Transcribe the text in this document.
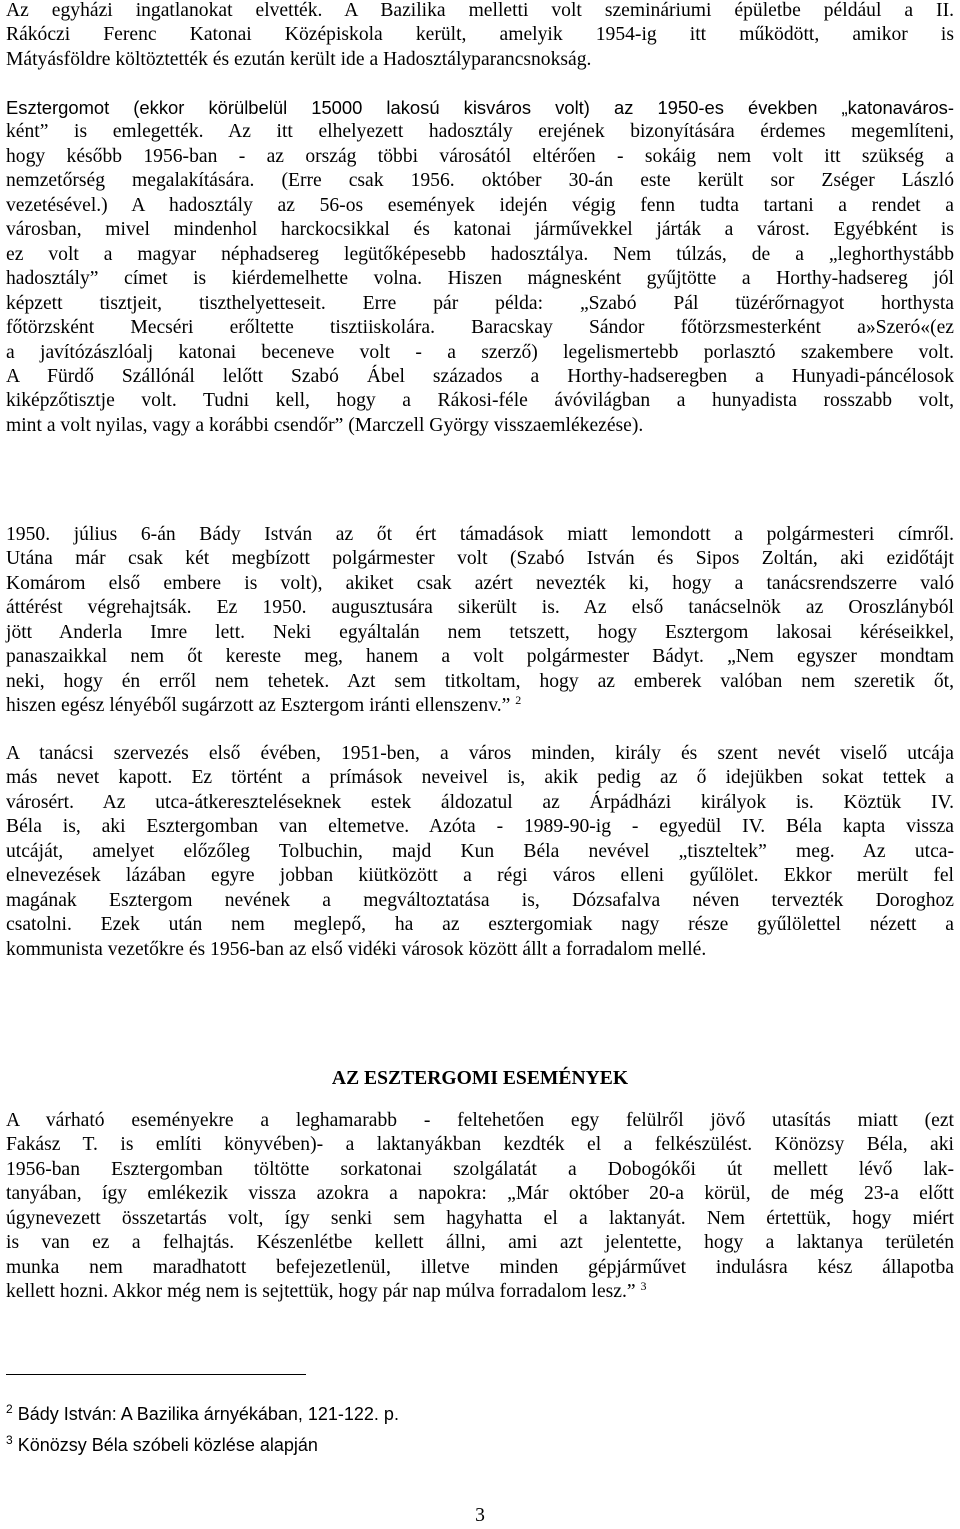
Az egyházi ingatlanokat elvették. A Bazilika melletti volt szemináriumi épületbe például a II.
Rákóczi Ferenc Katonai Középiskola került, amelyik 1954-ig itt működött, amikor is
Mátyásföldre költöztették és ezután került ide a Hadosztályparancsnokság.
Esztergomot (ekkor körülbelül 15000 lakosú kisváros volt) az 1950-es években „katonaváros-
ként” is emlegették. Az itt elhelyezett hadosztály erejének bizonyítására érdemes megemlíteni,
hogy később 1956-ban - az ország többi városától eltérően - sokáig nem volt itt szükség a
nemzetőrség megalakítására. (Erre csak 1956. október 30-án este került sor Zséger László
vezetésével.) A hadosztály az 56-os események idején végig fenn tudta tartani a rendet a
városban, mivel mindenhol harckocsikkal és katonai járművekkel járták a várost. Egyébként is
ez volt a magyar néphadsereg legütőképesebb hadosztálya. Nem túlzás, de a „leghorthystább
hadosztály” címet is kiérdemelhette volna. Hiszen mágnesként gyűjtötte a Horthy-hadsereg jól
képzett tisztjeit, tiszthelyetteseit. Erre pár példa: „Szabó Pál tüzérőrnagyot horthysta
főtörzsként Mecséri erőltette tisztiiskolára. Baracskay Sándor főtörzsmesterként a»Szeró«(ez
a javítózászlóalj katonai beceneve volt - a szerző) legelismertebb porlasztó szakembere volt.
A Fürdő Szállónál lelőtt Szabó Ábel százados a Horthy-hadseregben a Hunyadi-páncélosok
kiképzőtisztje volt. Tudni kell, hogy a Rákosi-féle ávóvilágban a hunyadista rosszabb volt,
mint a volt nyilas, vagy a korábbi csendőr” (Marczell György visszaemlékezése).
1950. július 6-án Bády István az őt ért támadások miatt lemondott a polgármesteri címről.
Utána már csak két megbízott polgármester volt (Szabó István és Sipos Zoltán, aki ezidőtájt
Komárom első embere is volt), akiket csak azért nevezték ki, hogy a tanácsrendszerre való
áttérést végrehajtsák. Ez 1950. augusztusára sikerült is. Az első tanácselnök az Oroszlányból
jött Anderla Imre lett. Neki egyáltalán nem tetszett, hogy Esztergom lakosai kéréseikkel,
panaszaikkal nem őt kereste meg, hanem a volt polgármester Bádyt. „Nem egyszer mondtam
neki, hogy én erről nem tehetek. Azt sem titkoltam, hogy az emberek valóban nem szeretik őt,
hiszen egész lényéből sugárzott az Esztergom iránti ellenszenv.” $^2$
A tanácsi szervezés első évében, 1951-ben, a város minden, király és szent nevét viselő utcája
más nevet kapott. Ez történt a prímások neveivel is, akik pedig az ő idejükben sokat tettek a
városért. Az utca-átkereszteléseknek estek áldozatul az Árpádházi királyok is. Köztük IV.
Béla is, aki Esztergomban van eltemetve. Azóta - 1989-90-ig - egyedül IV. Béla kapta vissza
utcáját, amelyet előzőleg Tolbuchin, majd Kun Béla nevével „tiszteltek” meg. Az utca-
elnevezések lázában egyre jobban kiütközött a régi város elleni gyűlölet. Ekkor merült fel
magának Esztergom nevének a megváltoztatása is, Dózsafalva néven tervezték Doroghoz
csatolni. Ezek után nem meglepő, ha az esztergomiak nagy része gyűlölettel nézett a
kommunista vezetőkre és 1956-ban az első vidéki városok között állt a forradalom mellé.
AZ ESZTERGOMI ESEMÉNYEK
A várható eseményekre a leghamarabb - feltehetően egy felülről jövő utasítás miatt (ezt
Fakász T. is említi könyvében)- a laktanyákban kezdték el a felkészülést. Könözsy Béla, aki
1956-ban Esztergomban töltötte sorkatonai szolgálatát a Dobogókői út mellett lévő lak-
tanyában, így emlékezik vissza azokra a napokra: „Már október 20-a körül, de még 23-a előtt
úgynevezett összetartás volt, így senki sem hagyhatta el a laktanyát. Nem értettük, hogy miért
is van ez a felhajtás. Készenlétbe kellett állni, ami azt jelentette, hogy a laktanya területén
munka nem maradhatott befejezetlenül, illetve minden gépjárművet indulásra kész állapotba
kellett hozni. Akkor még nem is sejtettük, hogy pár nap múlva forradalom lesz.” $^3$
$^2$ Bády István: A Bazilika árnyékában, 121-122. p.
$^3$ Könözsy Béla szóbeli közlése alapján
3
